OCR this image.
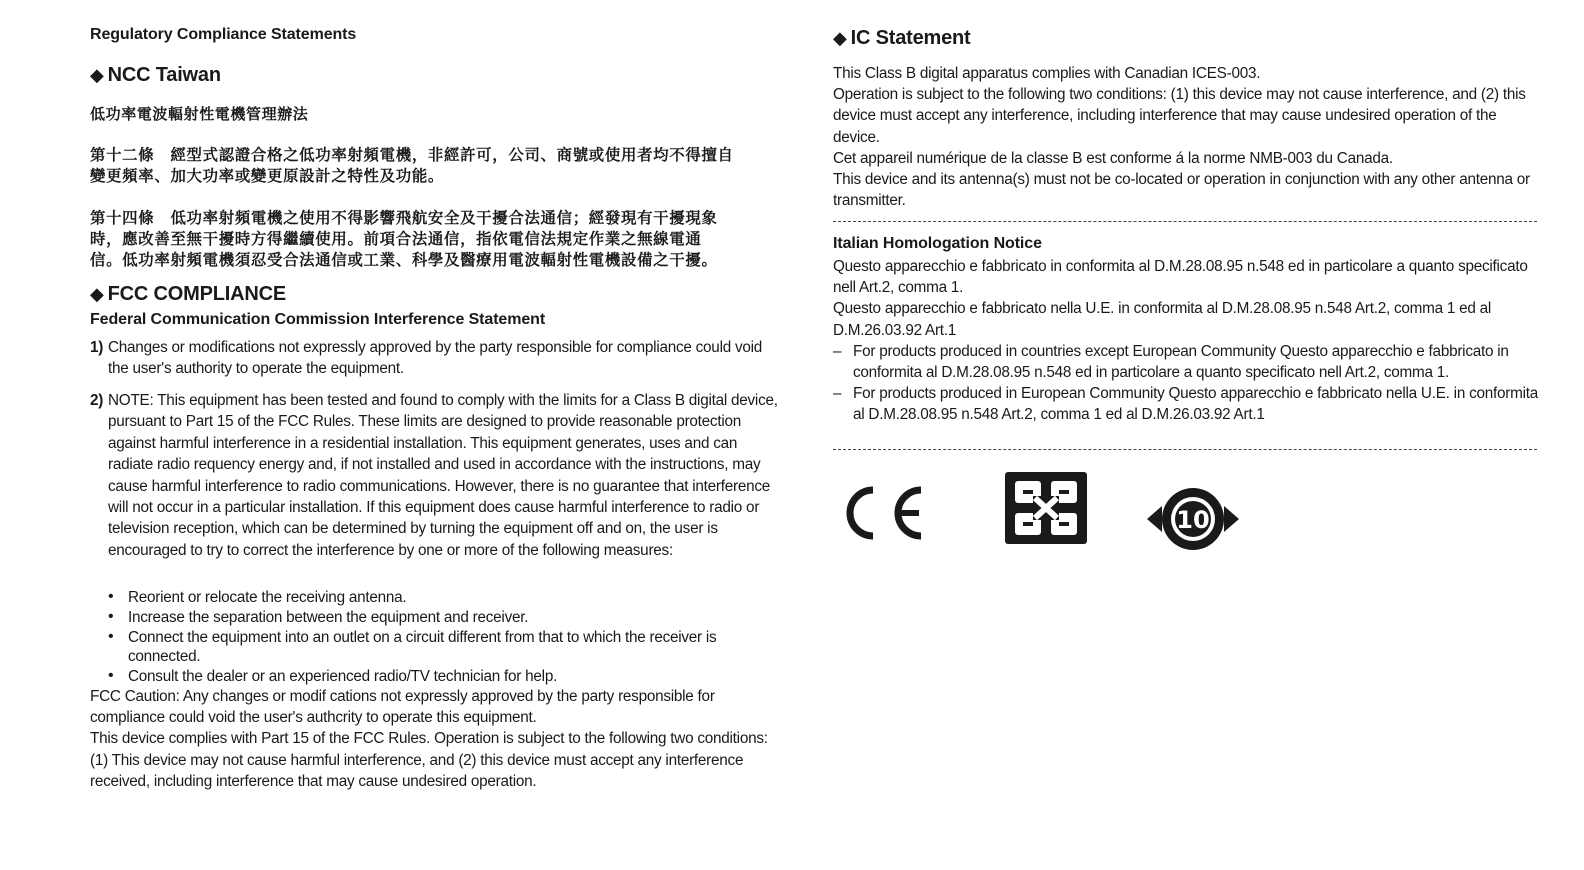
Regulatory Compliance Statements
◆ NCC Taiwan
低功率電波輻射性電機管理辦法
第十二條　經型式認證合格之低功率射頻電機，非經許可，公司、商號或使用者均不得擅自
變更頻率、加大功率或變更原設計之特性及功能。
第十四條　低功率射頻電機之使用不得影響飛航安全及干擾合法通信；經發現有干擾現象
時，應改善至無干擾時方得繼續使用。前項合法通信，指依電信法規定作業之無線電通
信。低功率射頻電機須忍受合法通信或工業、科學及醫療用電波輻射性電機設備之干擾。
◆ FCC COMPLIANCE
Federal Communication Commission Interference Statement
1) Changes or modifications not expressly approved by the party responsible for compliance could void the user's authority to operate the equipment.
2) NOTE: This equipment has been tested and found to comply with the limits for a Class B digital device, pursuant to Part 15 of the FCC Rules. These limits are designed to provide reasonable protection against harmful interference in a residential installation. This equipment generates, uses and can radiate radio requency energy and, if not installed and used in accordance with the instructions, may cause harmful interference to radio communications. However, there is no guarantee that interference will not occur in a particular installation. If this equipment does cause harmful interference to radio or television reception, which can be determined by turning the equipment off and on, the user is encouraged to try to correct the interference by one or more of the following measures:
• Reorient or relocate the receiving antenna.
• Increase the separation between the equipment and receiver.
• Connect the equipment into an outlet on a circuit different from that to which the receiver is connected.
• Consult the dealer or an experienced radio/TV technician for help.

FCC Caution: Any changes or modif cations not expressly approved by the party responsible for compliance could void the user's authcrity to operate this equipment.

This device complies with Part 15 of the FCC Rules. Operation is subject to the following two conditions: (1) This device may not cause harmful interference, and (2) this device must accept any interference received, including interference that may cause undesired operation.

◆ IC Statement

This Class B digital apparatus complies with Canadian ICES-003.

Operation is subject to the following two conditions: (1) this device may not cause interference, and (2) this device must accept any interference, including interference that may cause undesired operation of the device.

Cet appareil numérique de la classe B est conforme á la norme NMB-003 du Canada.

This device and its antenna(s) must not be co-located or operation in conjunction with any other antenna or transmitter.

Italian Homologation Notice

Questo apparecchio e fabbricato in conformita al D.M.28.08.95 n.548 ed in particolare a quanto specificato nell Art.2, comma 1.

Questo apparecchio e fabbricato nella U.E. in conformita al D.M.28.08.95 n.548 Art.2, comma 1 ed al D.M.26.03.92 Art.1

– For products produced in countries except European Community Questo apparecchio e fabbricato in conformita al D.M.28.08.95 n.548 ed in particolare a quanto specificato nell Art.2, comma 1.
– For products produced in European Community Questo apparecchio e fabbricato nella U.E. in conformita al D.M.28.08.95 n.548 Art.2, comma 1 ed al D.M.26.03.92 Art.1
10
